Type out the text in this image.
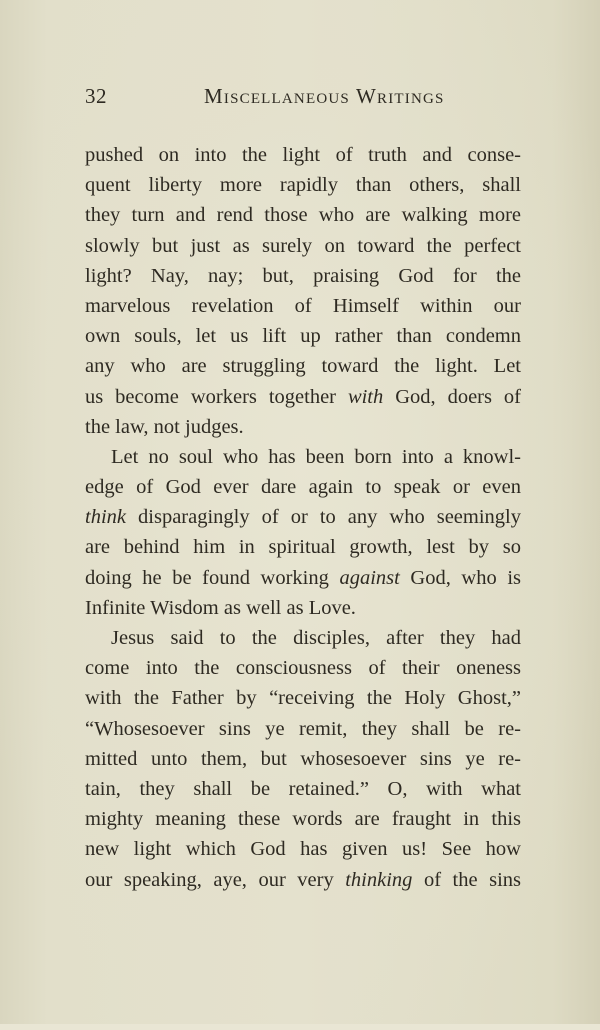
32	Miscellaneous Writings
pushed on into the light of truth and conse-
quent liberty more rapidly than others, shall
they turn and rend those who are walking more
slowly but just as surely on toward the perfect
light? Nay, nay; but, praising God for the
marvelous revelation of Himself within our
own souls, let us lift up rather than condemn
any who are struggling toward the light. Let
us become workers together with God, doers of
the law, not judges.
Let no soul who has been born into a knowl-
edge of God ever dare again to speak or even
think disparagingly of or to any who seemingly
are behind him in spiritual growth, lest by so
doing he be found working against God, who is
Infinite Wisdom as well as Love.
Jesus said to the disciples, after they had
come into the consciousness of their oneness
with the Father by “receiving the Holy Ghost,”
“Whosesoever sins ye remit, they shall be re-
mitted unto them, but whosesoever sins ye re-
tain, they shall be retained.” O, with what
mighty meaning these words are fraught in this
new light which God has given us! See how
our speaking, aye, our very thinking of the sins
